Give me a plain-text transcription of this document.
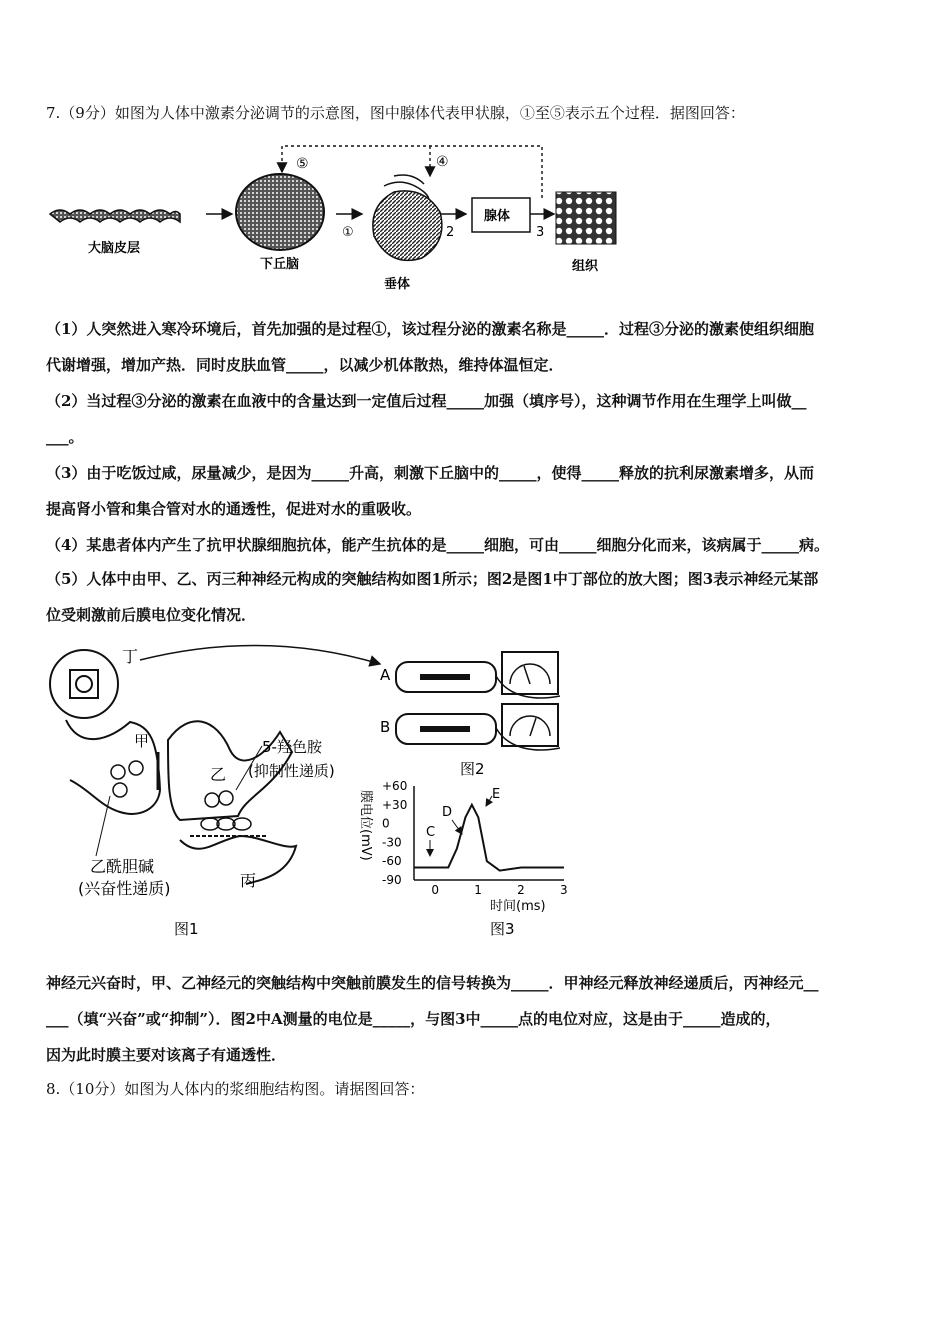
7.（9分）如图为人体中激素分泌调节的示意图，图中腺体代表甲状腺，①至⑤表示五个过程．据图回答：
大脑皮层
下丘脑
①
垂体
2
腺体
3
组织
⑤	④
（1）人突然进入寒冷环境后，首先加强的是过程①，该过程分泌的激素名称是_____．过程③分泌的激素使组织细胞
代谢增强，增加产热．同时皮肤血管_____，以减少机体散热，维持体温恒定．
（2）当过程③分泌的激素在血液中的含量达到一定值后过程_____加强（填序号），这种调节作用在生理学上叫做__
___。
（3）由于吃饭过咸，尿量减少，是因为_____升高，刺激下丘脑中的_____，使得_____释放的抗利尿激素增多，从而
提高肾小管和集合管对水的通透性，促进对水的重吸收。
（4）某患者体内产生了抗甲状腺细胞抗体，能产生抗体的是_____细胞，可由_____细胞分化而来，该病属于_____病。
（5）人体中由甲、乙、丙三种神经元构成的突触结构如图1所示；图2是图1中丁部位的放大图；图3表示神经元某部
位受刺激前后膜电位变化情况．
丁
甲
乙
丙
5-羟色胺
(抑制性递质)
乙酰胆碱
(兴奋性递质)
图1
A
B
图2
+60
+30
0
-30
-60
-90
0	1	2	3
C
D
E
膜电位(mV)
时间(ms)
图3
神经元兴奋时，甲、乙神经元的突触结构中突触前膜发生的信号转换为_____．甲神经元释放神经递质后，丙神经元__
___（填“兴奋”或“抑制”）．图2中A测量的电位是_____，与图3中_____点的电位对应，这是由于_____造成的，
因为此时膜主要对该离子有通透性．
8.（10分）如图为人体内的浆细胞结构图。请据图回答：
